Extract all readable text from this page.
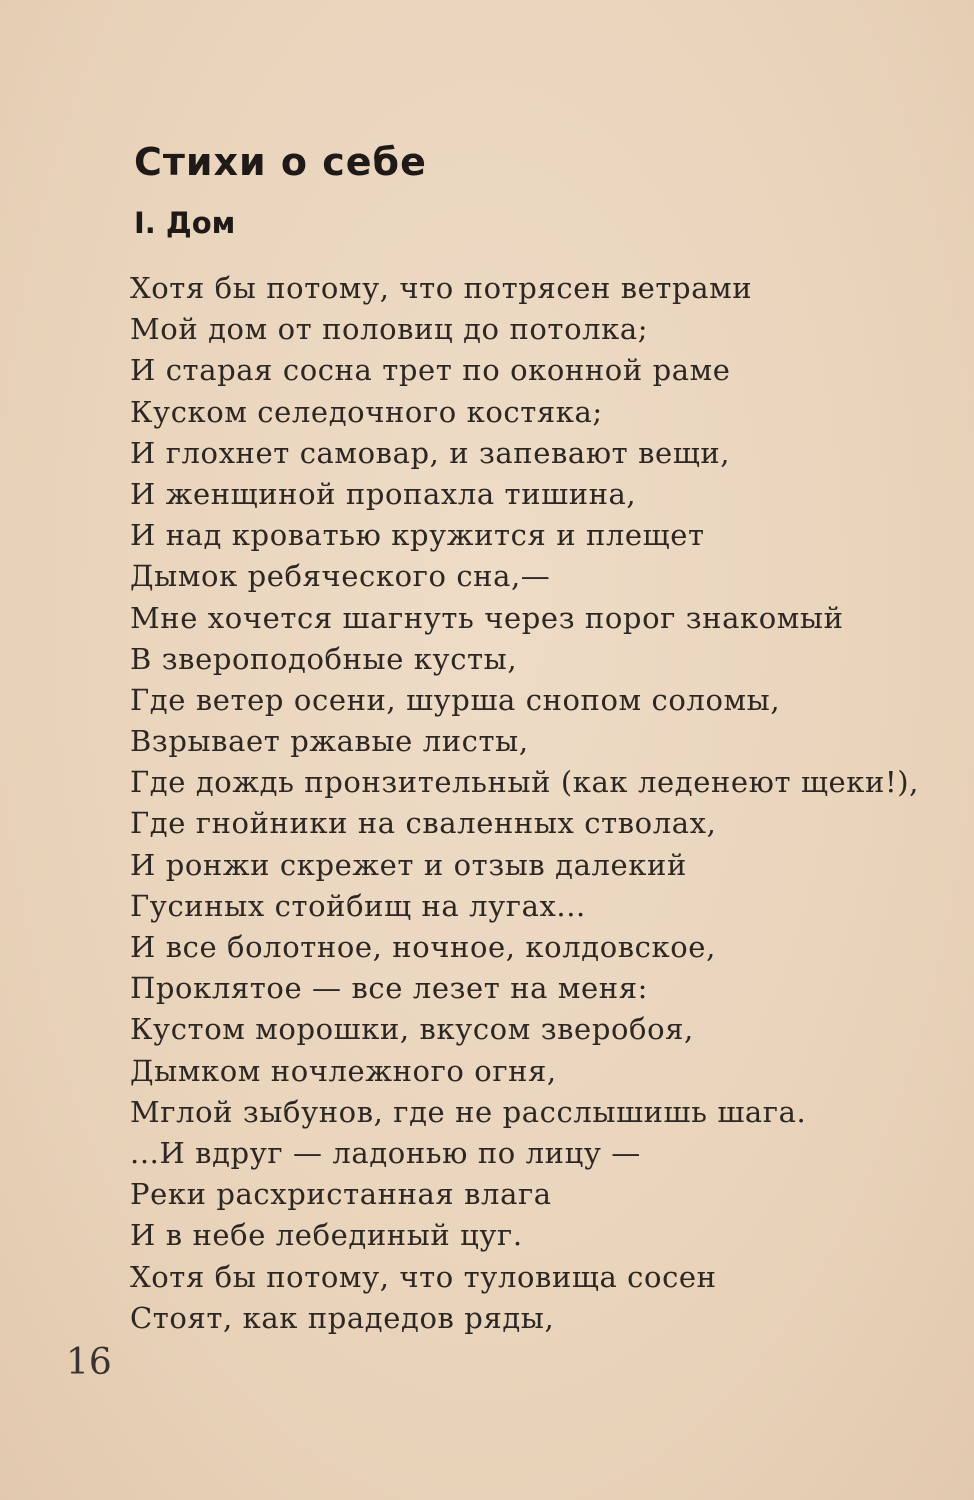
Стихи о себе
I. Дом
Хотя бы потому, что потрясен ветрами
Мой дом от половиц до потолка;
И старая сосна трет по оконной раме
Куском селедочного костяка;
И глохнет самовар, и запевают вещи,
И женщиной пропахла тишина,
И над кроватью кружится и плещет
Дымок ребяческого сна,—
Мне хочется шагнуть через порог знакомый
В звероподобные кусты,
Где ветер осени, шурша снопом соломы,
Взрывает ржавые листы,
Где дождь пронзительный (как леденеют щеки!),
Где гнойники на сваленных стволах,
И ронжи скрежет и отзыв далекий
Гусиных стойбищ на лугах...
И все болотное, ночное, колдовское,
Проклятое — все лезет на меня:
Кустом морошки, вкусом зверобоя,
Дымком ночлежного огня,
Мглой зыбунов, где не расслышишь шага.
...И вдруг — ладонью по лицу —
Реки расхристанная влага
И в небе лебединый цуг.
Хотя бы потому, что туловища сосен
Стоят, как прадедов ряды,
16
